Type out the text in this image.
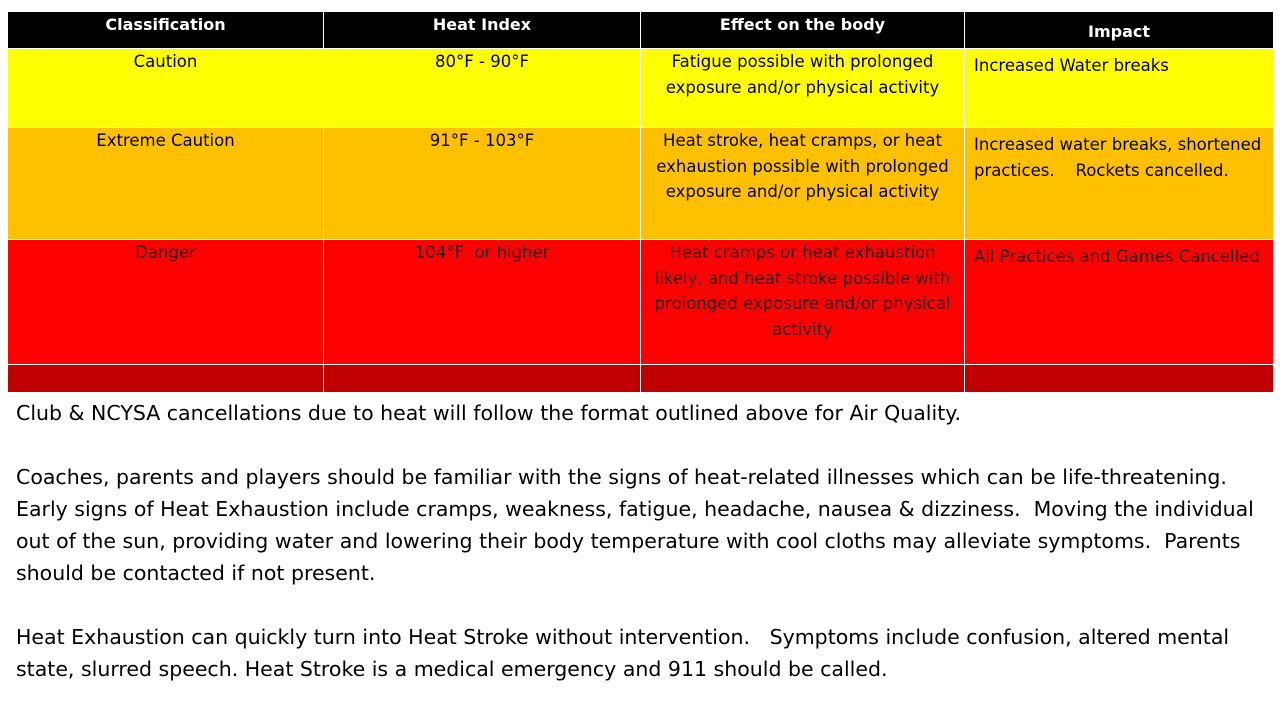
Classification	Heat Index	Effect on the body	Impact
Caution	80°F - 90°F	Fatigue possible with prolonged exposure and/or physical activity	Increased Water breaks
Extreme Caution	91°F - 103°F	Heat stroke, heat cramps, or heat exhaustion possible with prolonged exposure and/or physical activity	Increased water breaks, shortened practices.    Rockets cancelled.
Danger	104°F  or higher	Heat cramps or heat exhaustion likely, and heat stroke possible with prolonged exposure and/or physical activity	All Practices and Games Cancelled

Club & NCYSA cancellations due to heat will follow the format outlined above for Air Quality.

Coaches, parents and players should be familiar with the signs of heat-related illnesses which can be life-threatening.  Early signs of Heat Exhaustion include cramps, weakness, fatigue, headache, nausea & dizziness.  Moving the individual out of the sun, providing water and lowering their body temperature with cool cloths may alleviate symptoms.  Parents should be contacted if not present.

Heat Exhaustion can quickly turn into Heat Stroke without intervention.   Symptoms include confusion, altered mental state, slurred speech. Heat Stroke is a medical emergency and 911 should be called.
